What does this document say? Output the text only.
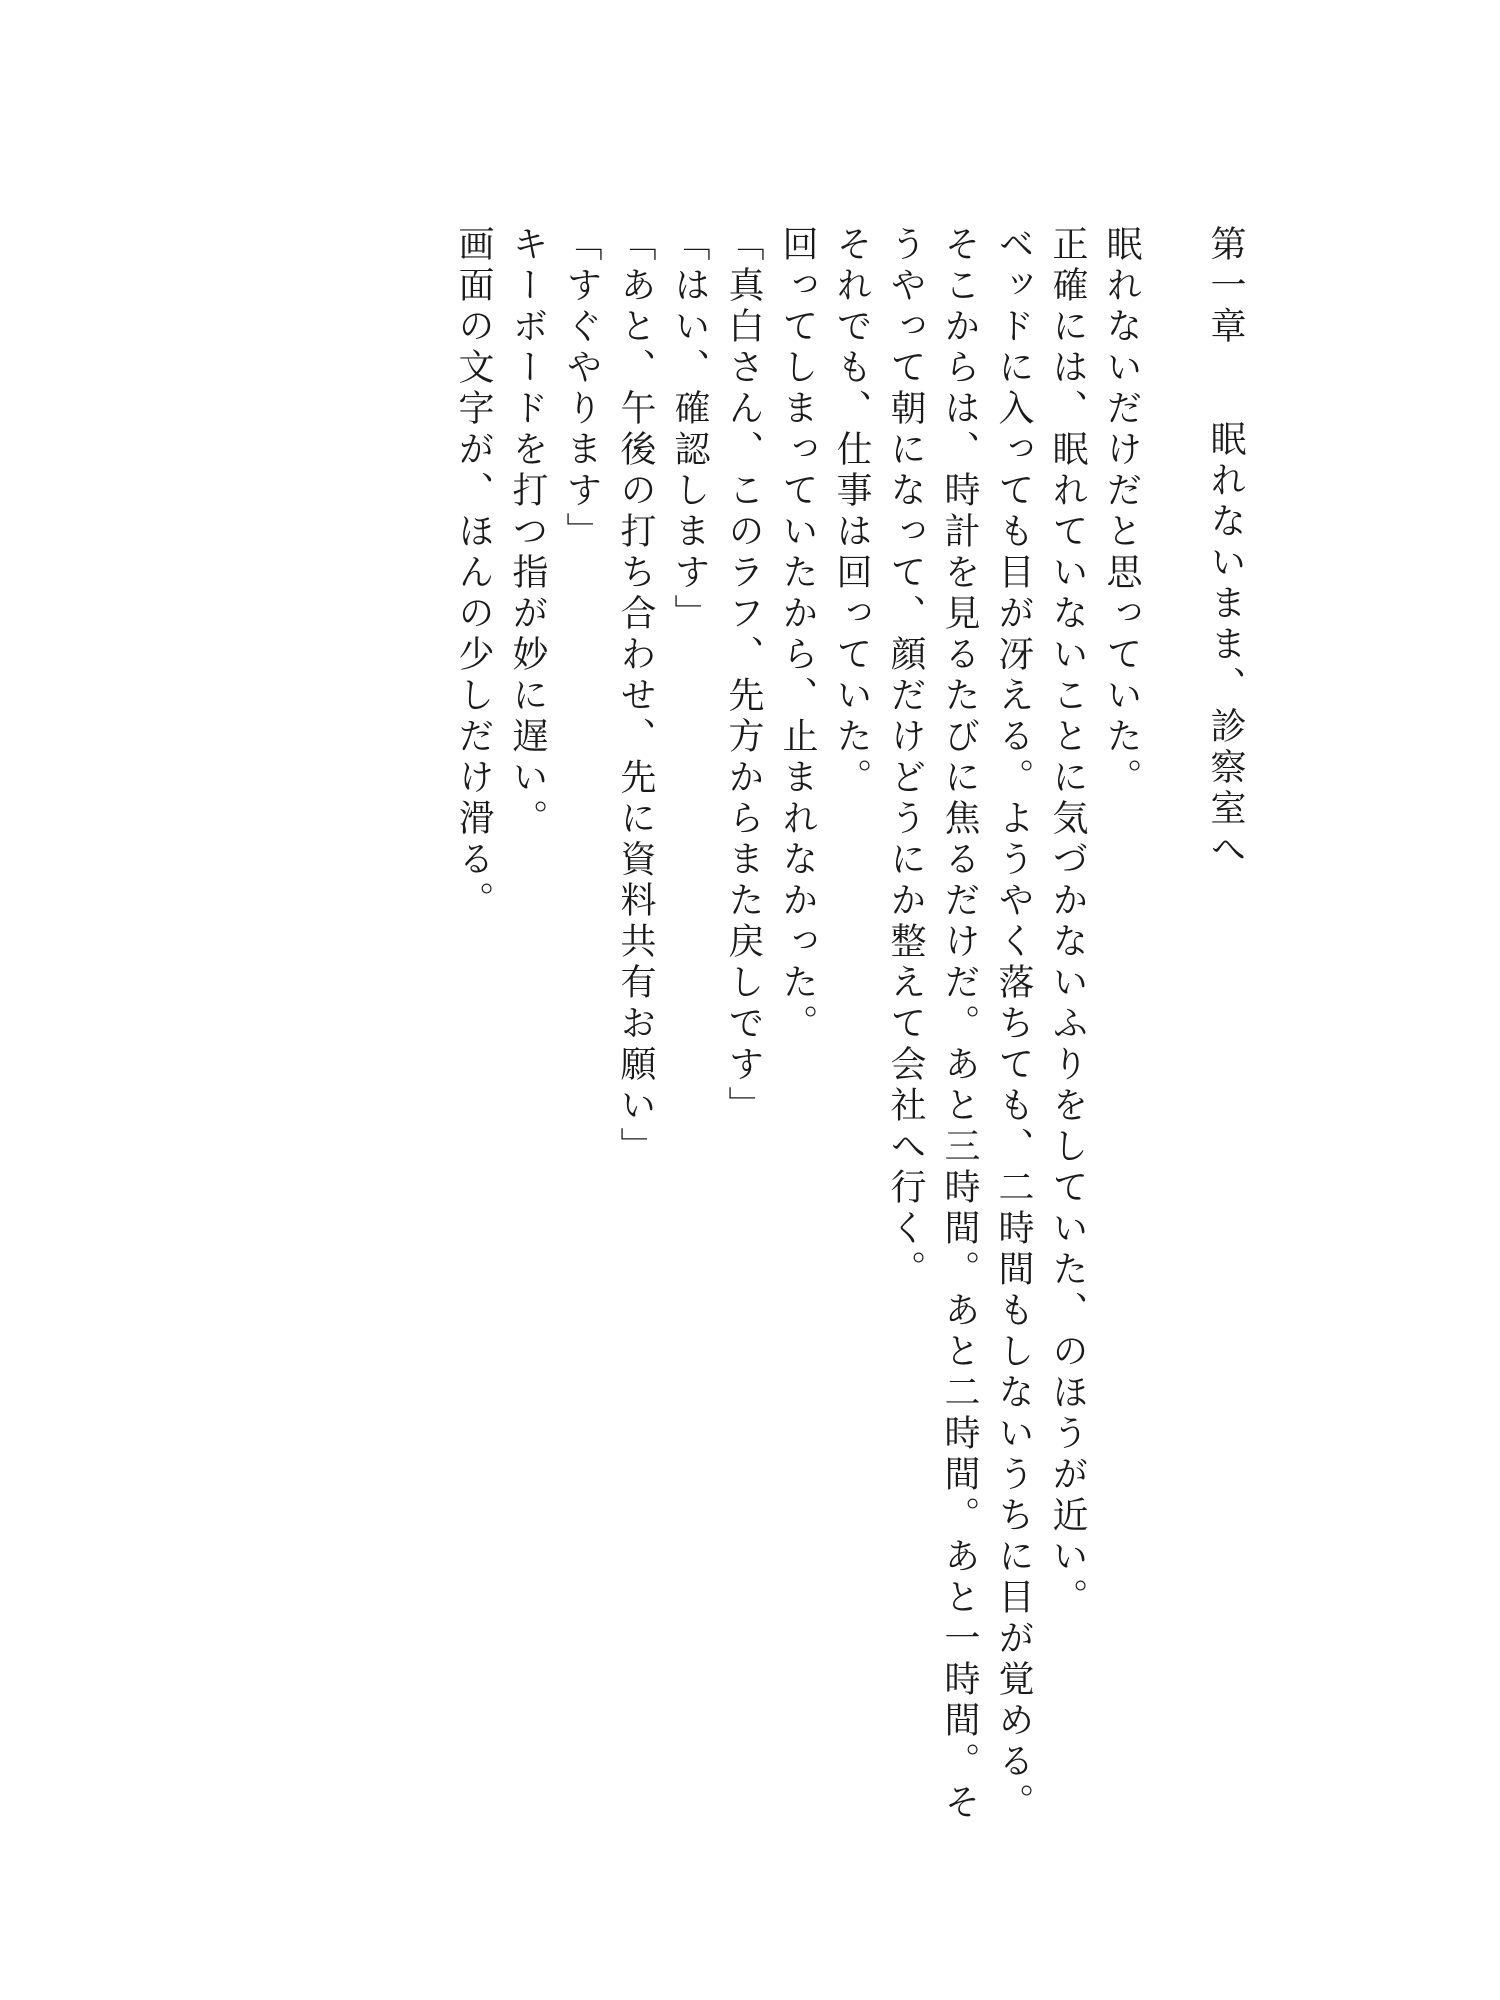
第一章眠れないまま、診察室へ

眠れないだけだと思っていた。

正確には、眠れていないことに気づかないふりをしていた、のほうが近い。

ベッドに入っても目が冴える。ようやく落ちても、二時間もしないうちに目が覚める。そこからは、時計を見るたびに焦るだけだ。あと三時間。あと二時間。あと一時間。そうやって朝になって、顔だけどうにか整えて会社へ行く。

それでも、仕事は回っていた。

回ってしまっていたから、止まれなかった。

「真白さん、このラフ、先方からまた戻しです」

「はい、確認します」

「あと、午後の打ち合わせ、先に資料共有お願い」

「すぐやります」

キーボードを打つ指が妙に遅い。

画面の文字が、ほんの少しだけ滑る。
